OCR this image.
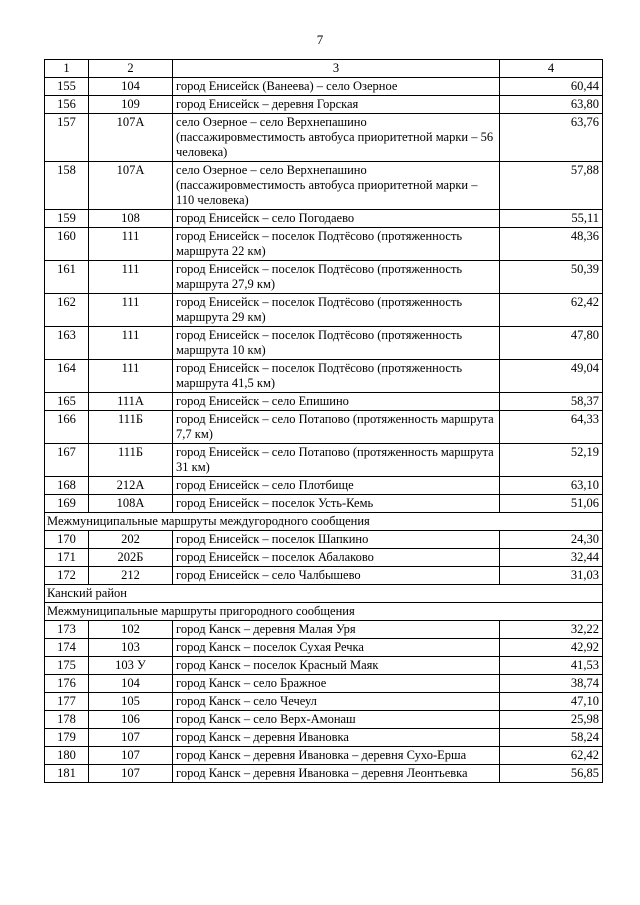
7
1	2	3	4
155	104	город Енисейск (Ванеева) – село Озерное	60,44
156	109	город Енисейск – деревня Горская	63,80
157	107А	село Озерное – село Верхнепашино (пассажировместимость автобуса приоритетной марки – 56 человека)	63,76
158	107А	село Озерное – село Верхнепашино (пассажировместимость автобуса приоритетной марки – 110 человека)	57,88
159	108	город Енисейск – село Погодаево	55,11
160	111	город Енисейск – поселок Подтёсово (протяженность маршрута 22 км)	48,36
161	111	город Енисейск – поселок Подтёсово (протяженность маршрута 27,9 км)	50,39
162	111	город Енисейск – поселок Подтёсово (протяженность маршрута 29 км)	62,42
163	111	город Енисейск – поселок Подтёсово (протяженность маршрута 10 км)	47,80
164	111	город Енисейск – поселок Подтёсово (протяженность маршрута 41,5 км)	49,04
165	111А	город Енисейск – село Епишино	58,37
166	111Б	город Енисейск – село Потапово (протяженность маршрута 7,7 км)	64,33
167	111Б	город Енисейск – село Потапово (протяженность маршрута 31 км)	52,19
168	212А	город Енисейск – село Плотбище	63,10
169	108А	город Енисейск – поселок Усть-Кемь	51,06
Межмуниципальные маршруты междугородного сообщения			
170	202	город Енисейск – поселок Шапкино	24,30
171	202Б	город Енисейск – поселок Абалаково	32,44
172	212	город Енисейск – село Чалбышево	31,03
Канский район			
Межмуниципальные маршруты пригородного сообщения			
173	102	город Канск – деревня Малая Уря	32,22
174	103	город Канск – поселок Сухая Речка	42,92
175	103 У	город Канск – поселок Красный Маяк	41,53
176	104	город Канск – село Бражное	38,74
177	105	город Канск – село Чечеул	47,10
178	106	город Канск – село Верх-Амонаш	25,98
179	107	город Канск – деревня Ивановка	58,24
180	107	город Канск – деревня Ивановка – деревня Сухо-Ерша	62,42
181	107	город Канск – деревня Ивановка – деревня Леонтьевка	56,85
